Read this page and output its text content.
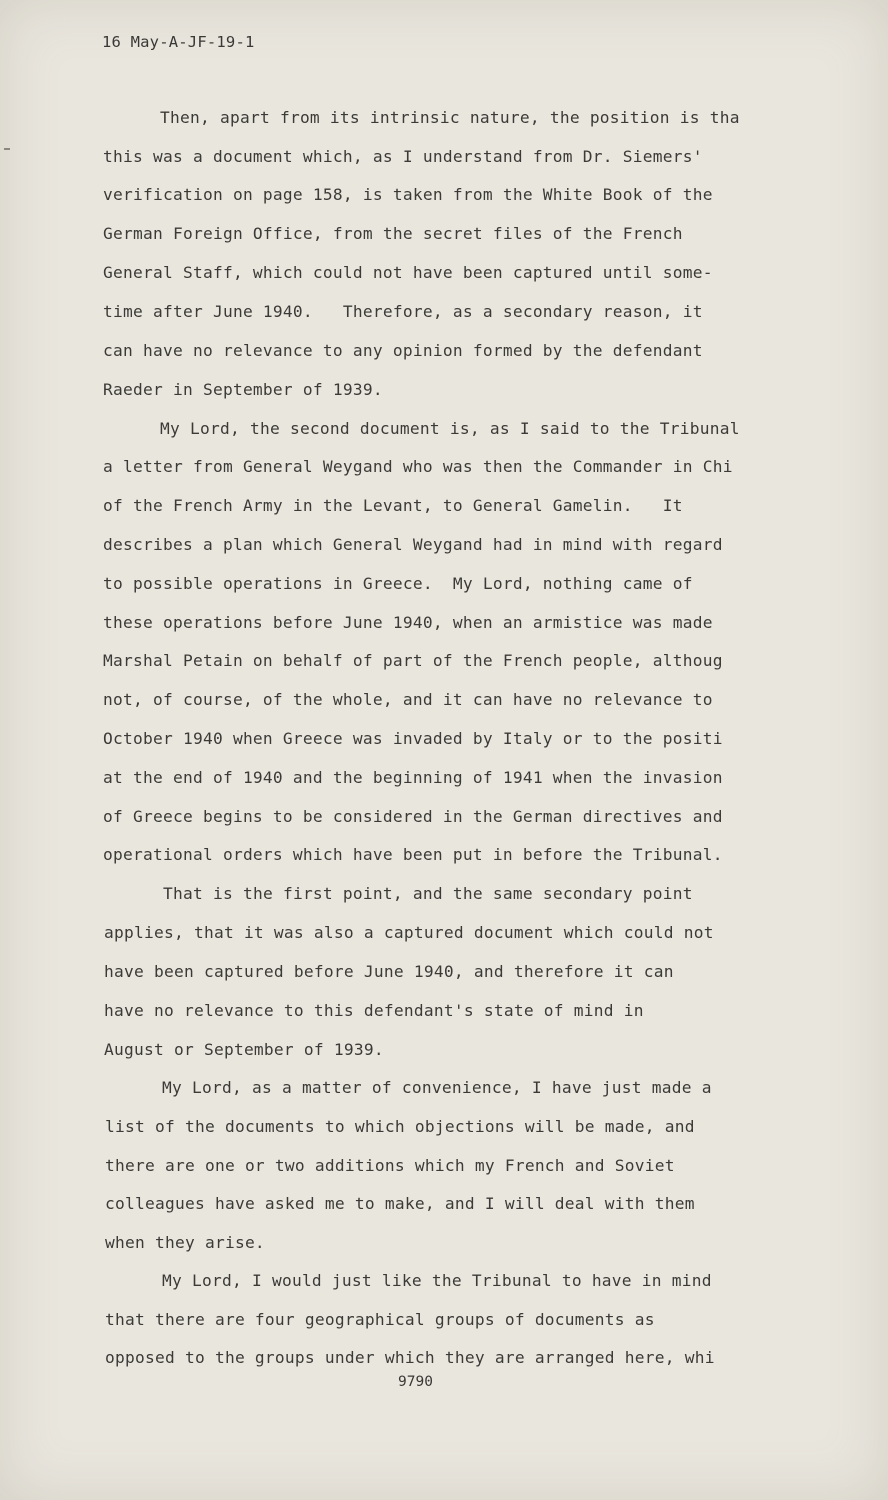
16 May-A-JF-19-1
Then, apart from its intrinsic nature, the position is tha
this was a document which, as I understand from Dr. Siemers'
verification on page 158, is taken from the White Book of the
German Foreign Office, from the secret files of the French
General Staff, which could not have been captured until some-
time after June 1940.   Therefore, as a secondary reason, it
can have no relevance to any opinion formed by the defendant
Raeder in September of 1939.
My Lord, the second document is, as I said to the Tribunal
a letter from General Weygand who was then the Commander in Chi
of the French Army in the Levant, to General Gamelin.   It
describes a plan which General Weygand had in mind with regard
to possible operations in Greece.  My Lord, nothing came of
these operations before June 1940, when an armistice was made
Marshal Petain on behalf of part of the French people, althoug
not, of course, of the whole, and it can have no relevance to
October 1940 when Greece was invaded by Italy or to the positi
at the end of 1940 and the beginning of 1941 when the invasion
of Greece begins to be considered in the German directives and
operational orders which have been put in before the Tribunal.
That is the first point, and the same secondary point
applies, that it was also a captured document which could not
have been captured before June 1940, and therefore it can
have no relevance to this defendant's state of mind in
August or September of 1939.
My Lord, as a matter of convenience, I have just made a
list of the documents to which objections will be made, and
there are one or two additions which my French and Soviet
colleagues have asked me to make, and I will deal with them
when they arise.
My Lord, I would just like the Tribunal to have in mind
that there are four geographical groups of documents as
opposed to the groups under which they are arranged here, whi
9790
